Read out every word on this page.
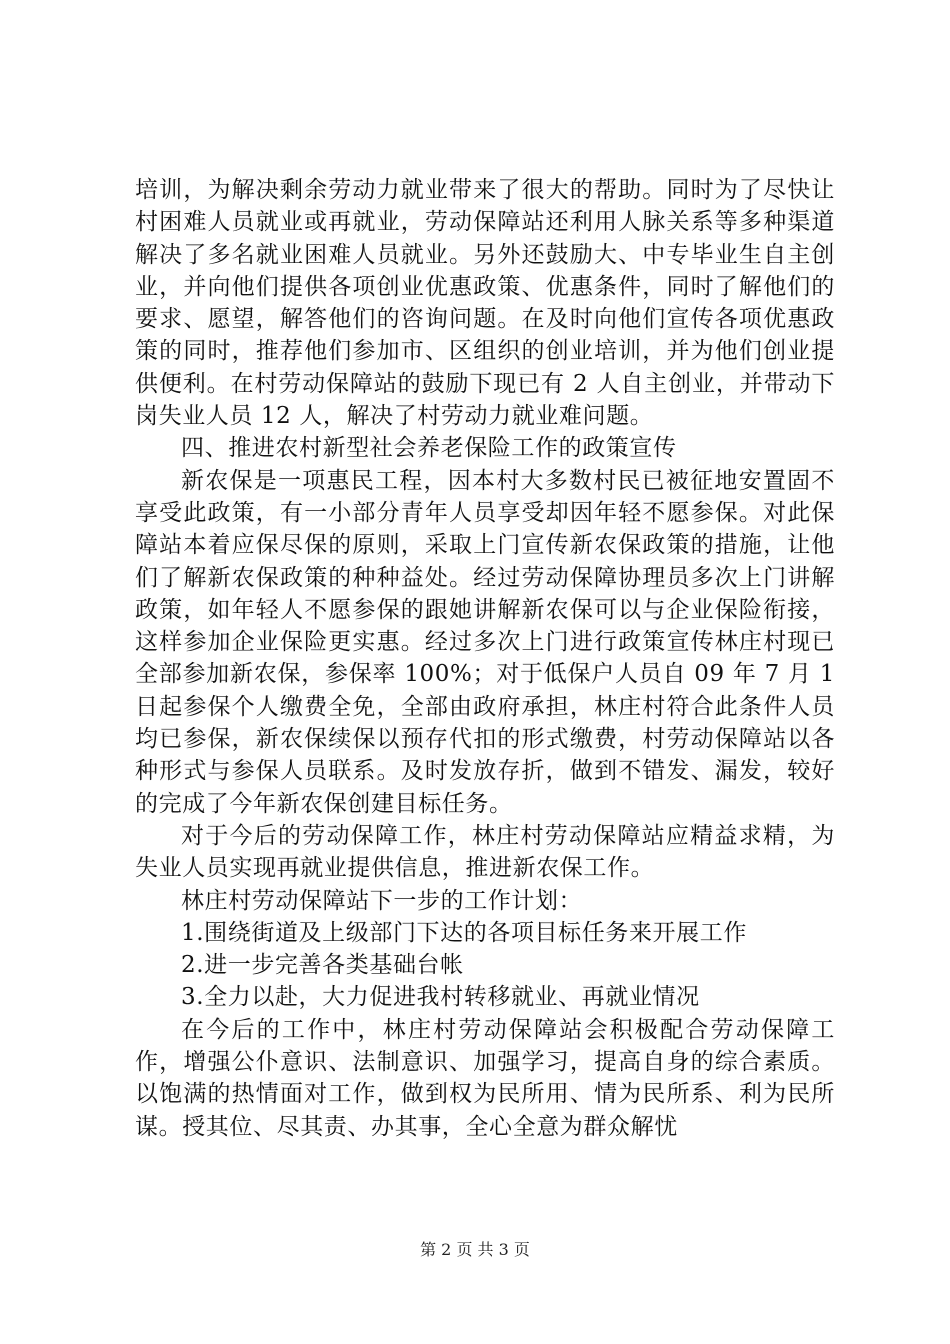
培训，为解决剩余劳动力就业带来了很大的帮助。同时为了尽快让村困难人员就业或再就业，劳动保障站还利用人脉关系等多种渠道解决了多名就业困难人员就业。另外还鼓励大、中专毕业生自主创业，并向他们提供各项创业优惠政策、优惠条件，同时了解他们的要求、愿望，解答他们的咨询问题。在及时向他们宣传各项优惠政策的同时，推荐他们参加市、区组织的创业培训，并为他们创业提供便利。在村劳动保障站的鼓励下现已有 2 人自主创业，并带动下岗失业人员 12 人，解决了村劳动力就业难问题。

四、推进农村新型社会养老保险工作的政策宣传

新农保是一项惠民工程，因本村大多数村民已被征地安置固不享受此政策，有一小部分青年人员享受却因年轻不愿参保。对此保障站本着应保尽保的原则，采取上门宣传新农保政策的措施，让他们了解新农保政策的种种益处。经过劳动保障协理员多次上门讲解政策，如年轻人不愿参保的跟她讲解新农保可以与企业保险衔接，这样参加企业保险更实惠。经过多次上门进行政策宣传林庄村现已全部参加新农保，参保率 100%；对于低保户人员自 09 年 7 月 1 日起参保个人缴费全免，全部由政府承担，林庄村符合此条件人员均已参保，新农保续保以预存代扣的形式缴费，村劳动保障站以各种形式与参保人员联系。及时发放存折，做到不错发、漏发，较好的完成了今年新农保创建目标任务。

对于今后的劳动保障工作，林庄村劳动保障站应精益求精，为失业人员实现再就业提供信息，推进新农保工作。

林庄村劳动保障站下一步的工作计划：

1.围绕街道及上级部门下达的各项目标任务来开展工作

2.进一步完善各类基础台帐

3.全力以赴，大力促进我村转移就业、再就业情况

在今后的工作中，林庄村劳动保障站会积极配合劳动保障工作，增强公仆意识、法制意识、加强学习，提高自身的综合素质。以饱满的热情面对工作，做到权为民所用、情为民所系、利为民所谋。授其位、尽其责、办其事，全心全意为群众解忧

第 2 页 共 3 页
